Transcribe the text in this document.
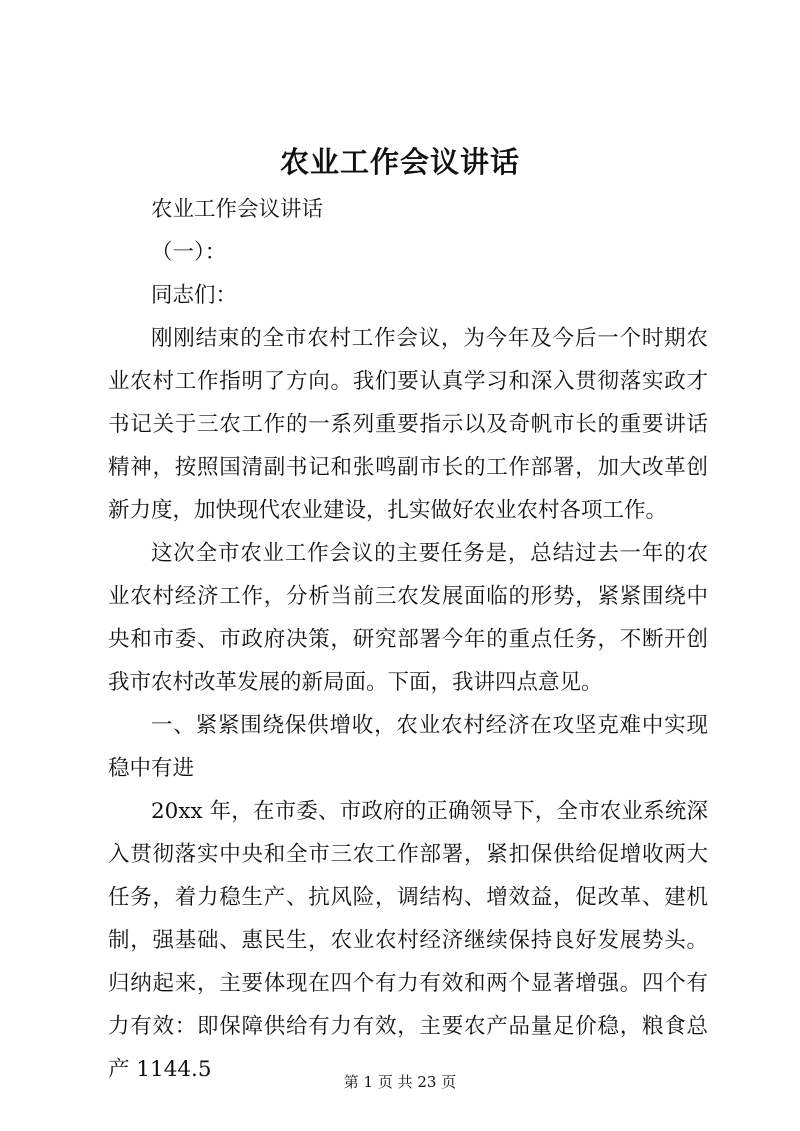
农业工作会议讲话

农业工作会议讲话

（一）：

同志们：

刚刚结束的全市农村工作会议，为今年及今后一个时期农业农村工作指明了方向。我们要认真学习和深入贯彻落实政才书记关于三农工作的一系列重要指示以及奇帆市长的重要讲话精神，按照国清副书记和张鸣副市长的工作部署，加大改革创新力度，加快现代农业建设，扎实做好农业农村各项工作。

这次全市农业工作会议的主要任务是，总结过去一年的农业农村经济工作，分析当前三农发展面临的形势，紧紧围绕中央和市委、市政府决策，研究部署今年的重点任务，不断开创我市农村改革发展的新局面。下面，我讲四点意见。

一、紧紧围绕保供增收，农业农村经济在攻坚克难中实现稳中有进

20xx 年，在市委、市政府的正确领导下，全市农业系统深入贯彻落实中央和全市三农工作部署，紧扣保供给促增收两大任务，着力稳生产、抗风险，调结构、增效益，促改革、建机制，强基础、惠民生，农业农村经济继续保持良好发展势头。归纳起来，主要体现在四个有力有效和两个显著增强。四个有力有效：即保障供给有力有效，主要农产品量足价稳，粮食总产 1144.5	第 1 页 共 23 页
